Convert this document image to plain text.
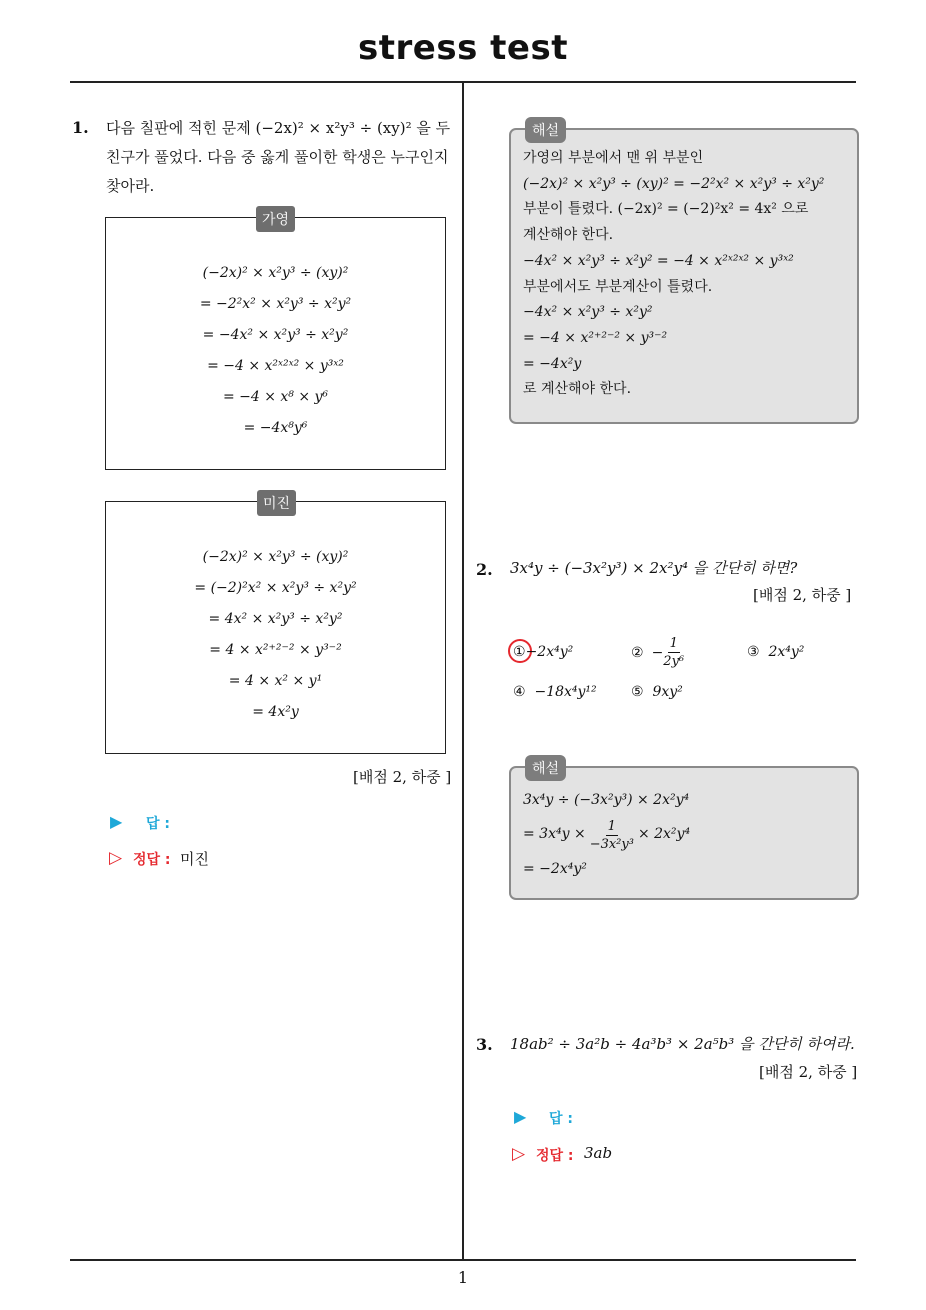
stress test
1. 다음 칠판에 적힌 문제 (−2x)² × x²y³ ÷ (xy)² 을 두
친구가 풀었다. 다음 중 옳게 풀이한 학생은 누구인지
찾아라.
(−2x)² × x²y³ ÷ (xy)²
= −2²x² × x²y³ ÷ x²y²
= −4x² × x²y³ ÷ x²y²
= −4 × x²ˣ²ˣ² × y³ˣ²
= −4 × x⁸ × y⁶
= −4x⁸y⁶
가영
(−2x)² × x²y³ ÷ (xy)²
= (−2)²x² × x²y³ ÷ x²y²
= 4x² × x²y³ ÷ x²y²
= 4 × x²⁺²⁻² × y³⁻²
= 4 × x² × y¹
= 4x²y
미진
[배점 2, 하중 ]
▶ 답 :
▷ 정답 : 미진
가영의 부분에서 맨 위 부분인
(−2x)² × x²y³ ÷ (xy)² = −2²x² × x²y³ ÷ x²y²
부분이 틀렸다. (−2x)² = (−2)²x² = 4x² 으로
계산해야 한다.
−4x² × x²y³ ÷ x²y² = −4 × x²ˣ²ˣ² × y³ˣ²
부분에서도 부분계산이 틀렸다.
−4x² × x²y³ ÷ x²y²
= −4 × x²⁺²⁻² × y³⁻²
= −4x²y
로 계산해야 한다.
해설
2. 3x⁴y ÷ (−3x²y³) × 2x²y⁴ 을 간단히 하면?
[배점 2, 하중 ]
①−2x⁴y²	② − $\frac{1}{\text{2y⁶}}$	③ 2x⁴y²
④ −18x⁴y¹² ⑤ 9xy²
3x⁴y ÷ (−3x²y³) × 2x²y⁴
= $3x^4y \times \frac{1}{\text{−3x²y³}} \times 2x^2y^4$
= −2x⁴y²
해설
3. 18ab² ÷ 3a²b ÷ 4a³b³ × 2a⁵b³ 을 간단히 하여라.
[배점 2, 하중 ]
▶ 답 :
▷ 정답 : 3ab
1
